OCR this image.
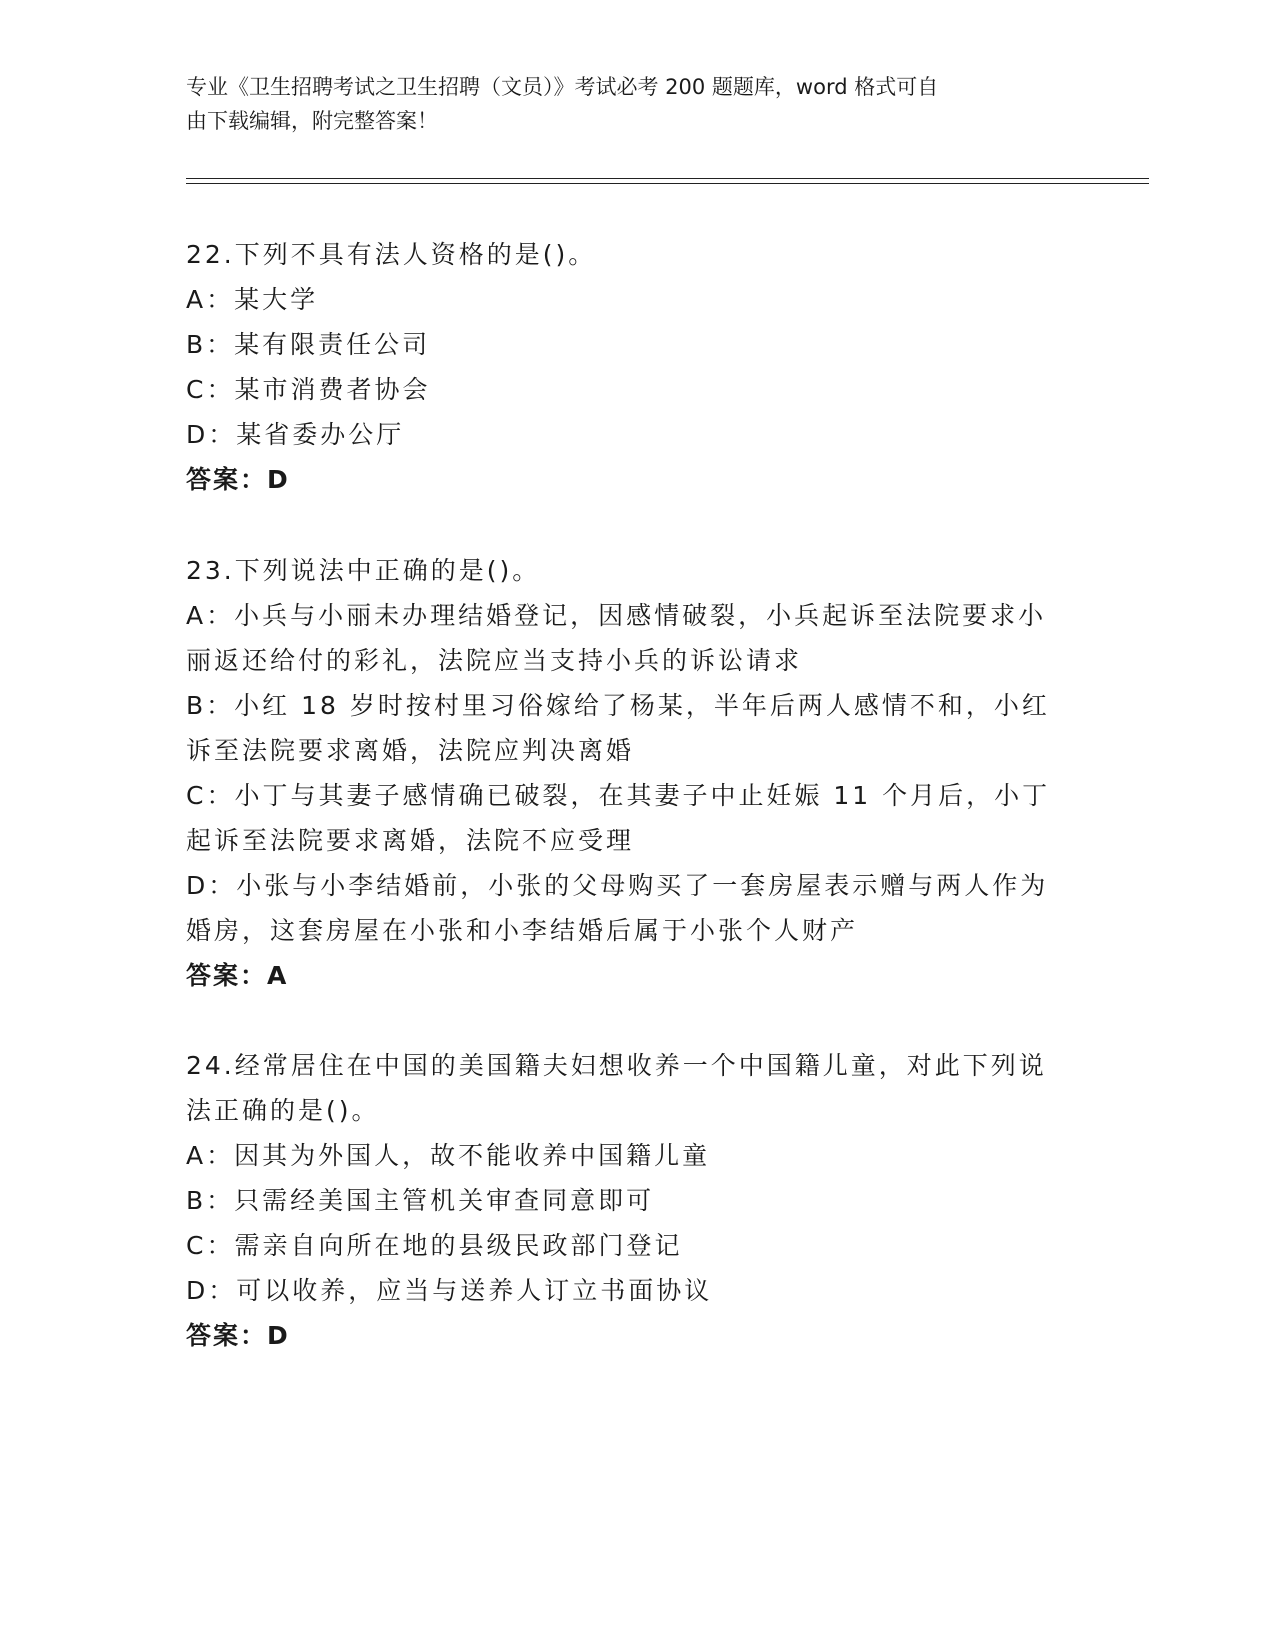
专业《卫生招聘考试之卫生招聘（文员）》考试必考 200 题题库，word 格式可自
由下载编辑，附完整答案！
22.下列不具有法人资格的是()。
A：某大学
B：某有限责任公司
C：某市消费者协会
D：某省委办公厅
答案：D
23.下列说法中正确的是()。
A：小兵与小丽未办理结婚登记，因感情破裂，小兵起诉至法院要求小
丽返还给付的彩礼，法院应当支持小兵的诉讼请求
B：小红 18 岁时按村里习俗嫁给了杨某，半年后两人感情不和，小红
诉至法院要求离婚，法院应判决离婚
C：小丁与其妻子感情确已破裂，在其妻子中止妊娠 11 个月后，小丁
起诉至法院要求离婚，法院不应受理
D：小张与小李结婚前，小张的父母购买了一套房屋表示赠与两人作为
婚房，这套房屋在小张和小李结婚后属于小张个人财产
答案：A
24.经常居住在中国的美国籍夫妇想收养一个中国籍儿童，对此下列说
法正确的是()。
A：因其为外国人，故不能收养中国籍儿童
B：只需经美国主管机关审查同意即可
C：需亲自向所在地的县级民政部门登记
D：可以收养，应当与送养人订立书面协议
答案：D
